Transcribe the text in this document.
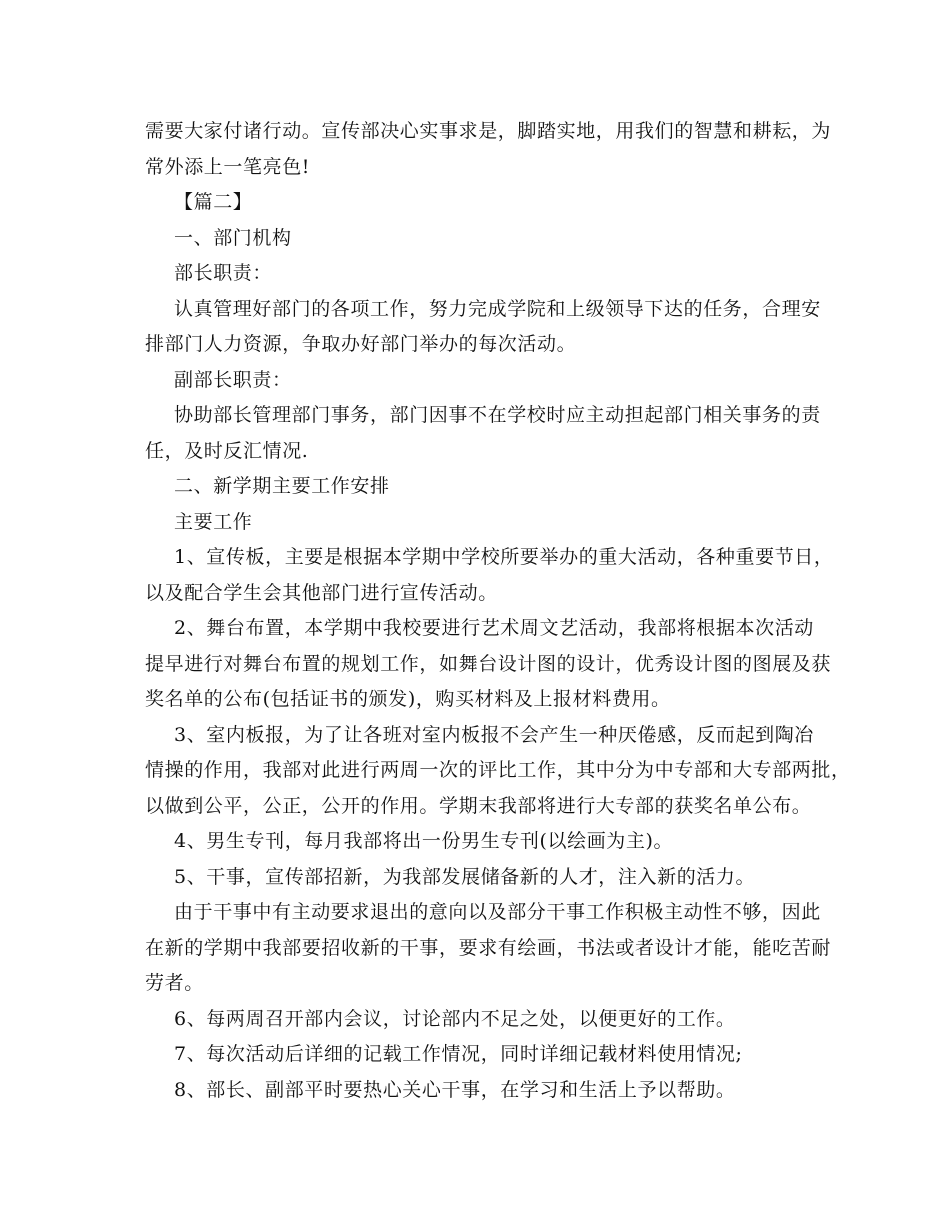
需要大家付诸行动。宣传部决心实事求是，脚踏实地，用我们的智慧和耕耘，为
常外添上一笔亮色!
【篇二】
一、部门机构
部长职责：
认真管理好部门的各项工作，努力完成学院和上级领导下达的任务，合理安
排部门人力资源，争取办好部门举办的每次活动。
副部长职责：
协助部长管理部门事务，部门因事不在学校时应主动担起部门相关事务的责
任，及时反汇情况.
二、新学期主要工作安排
主要工作
1、宣传板，主要是根据本学期中学校所要举办的重大活动，各种重要节日，
以及配合学生会其他部门进行宣传活动。
2、舞台布置，本学期中我校要进行艺术周文艺活动，我部将根据本次活动
提早进行对舞台布置的规划工作，如舞台设计图的设计，优秀设计图的图展及获
奖名单的公布(包括证书的颁发)，购买材料及上报材料费用。
3、室内板报，为了让各班对室内板报不会产生一种厌倦感，反而起到陶冶
情操的作用，我部对此进行两周一次的评比工作，其中分为中专部和大专部两批，
以做到公平，公正，公开的作用。学期末我部将进行大专部的获奖名单公布。
4、男生专刊，每月我部将出一份男生专刊(以绘画为主)。
5、干事，宣传部招新，为我部发展储备新的人才，注入新的活力。
由于干事中有主动要求退出的意向以及部分干事工作积极主动性不够，因此
在新的学期中我部要招收新的干事，要求有绘画，书法或者设计才能，能吃苦耐
劳者。
6、每两周召开部内会议，讨论部内不足之处，以便更好的工作。
7、每次活动后详细的记载工作情况，同时详细记载材料使用情况;
8、部长、副部平时要热心关心干事，在学习和生活上予以帮助。
